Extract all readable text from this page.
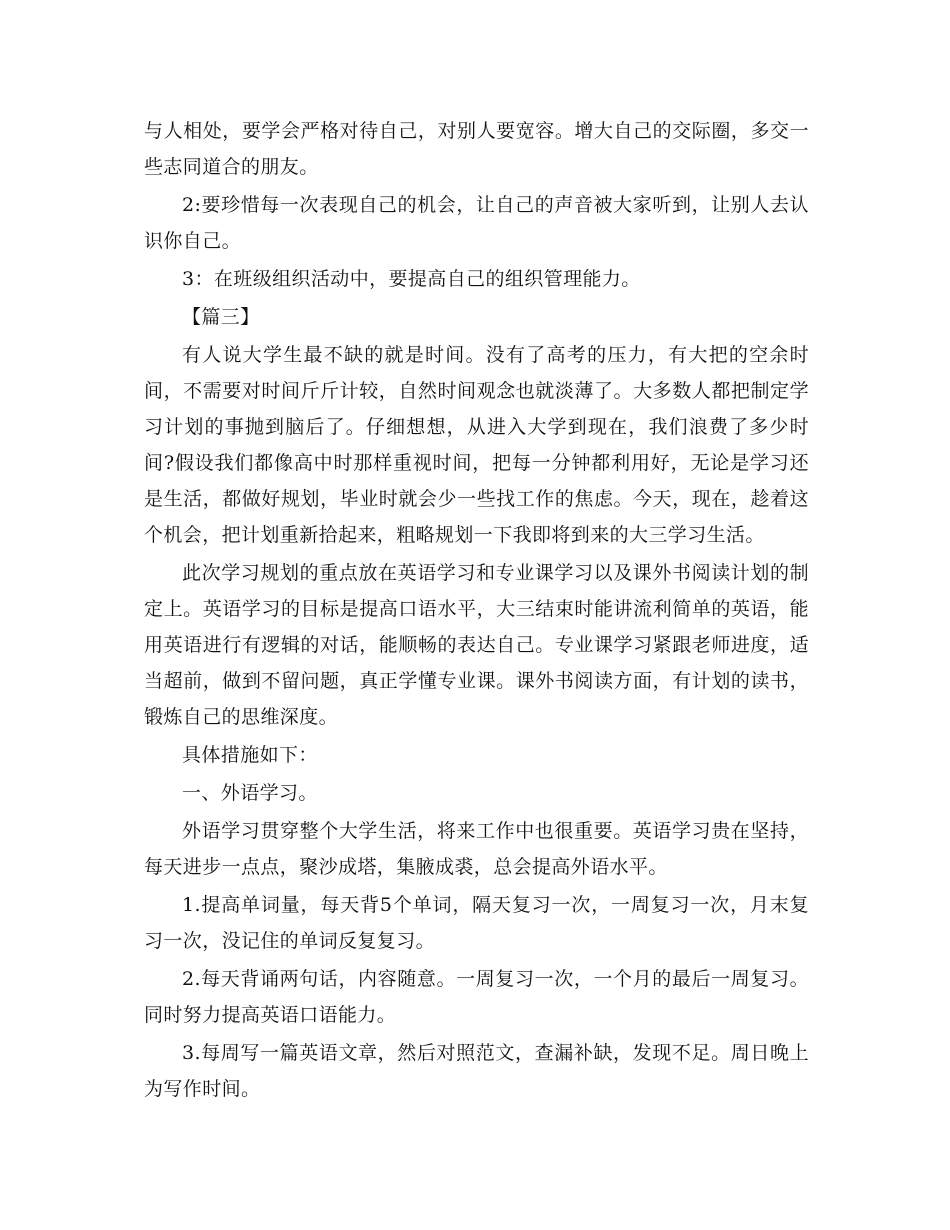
与人相处，要学会严格对待自己，对别人要宽容。增大自己的交际圈，多交一些志同道合的朋友。

2:要珍惜每一次表现自己的机会，让自己的声音被大家听到，让别人去认识你自己。

3：在班级组织活动中，要提高自己的组织管理能力。

【篇三】

有人说大学生最不缺的就是时间。没有了高考的压力，有大把的空余时间，不需要对时间斤斤计较，自然时间观念也就淡薄了。大多数人都把制定学习计划的事抛到脑后了。仔细想想，从进入大学到现在，我们浪费了多少时间?假设我们都像高中时那样重视时间，把每一分钟都利用好，无论是学习还是生活，都做好规划，毕业时就会少一些找工作的焦虑。今天，现在，趁着这个机会，把计划重新拾起来，粗略规划一下我即将到来的大三学习生活。

此次学习规划的重点放在英语学习和专业课学习以及课外书阅读计划的制定上。英语学习的目标是提高口语水平，大三结束时能讲流利简单的英语，能用英语进行有逻辑的对话，能顺畅的表达自己。专业课学习紧跟老师进度，适当超前，做到不留问题，真正学懂专业课。课外书阅读方面，有计划的读书，锻炼自己的思维深度。

具体措施如下：

一、外语学习。

外语学习贯穿整个大学生活，将来工作中也很重要。英语学习贵在坚持，每天进步一点点，聚沙成塔，集腋成裘，总会提高外语水平。

1.提高单词量，每天背5个单词，隔天复习一次，一周复习一次，月末复习一次，没记住的单词反复复习。

2.每天背诵两句话，内容随意。一周复习一次，一个月的最后一周复习。同时努力提高英语口语能力。

3.每周写一篇英语文章，然后对照范文，查漏补缺，发现不足。周日晚上为写作时间。
